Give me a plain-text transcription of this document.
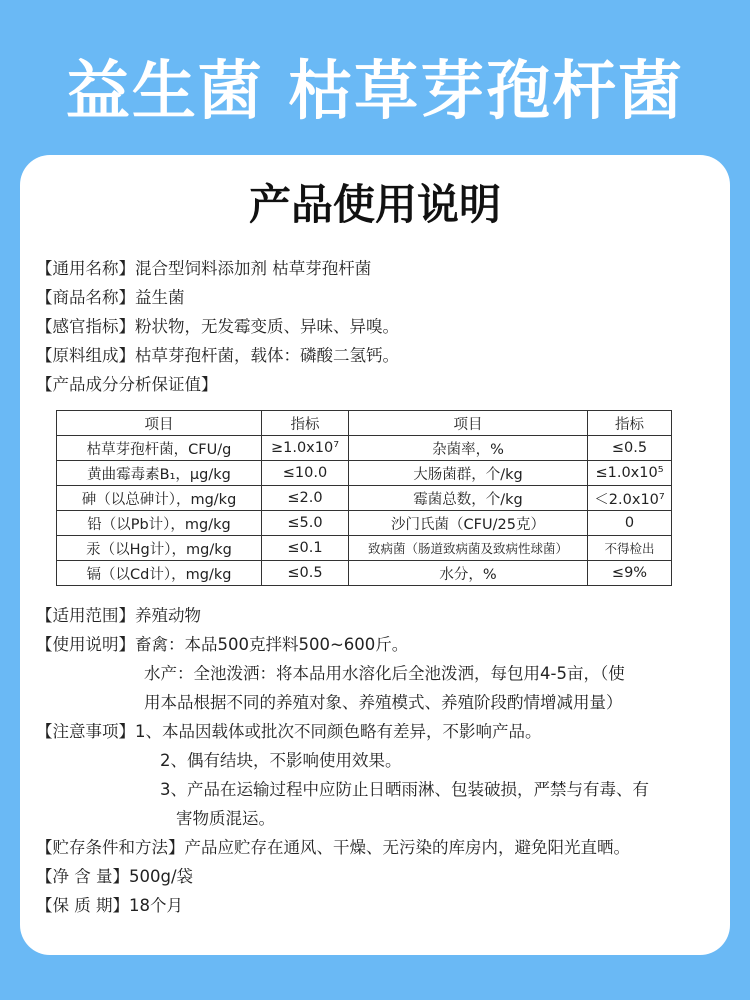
益生菌 枯草芽孢杆菌
产品使用说明
【通用名称】混合型饲料添加剂 枯草芽孢杆菌
【商品名称】益生菌
【感官指标】粉状物，无发霉变质、异味、异嗅。
【原料组成】枯草芽孢杆菌，载体：磷酸二氢钙。
【产品成分分析保证值】
项目	指标	项目	指标
枯草芽孢杆菌，CFU/g	≥1.0x10⁷	杂菌率，%	≤0.5
黄曲霉毒素B₁，μg/kg	≤10.0	大肠菌群，个/kg	≤1.0x10⁵
砷（以总砷计），mg/kg	≤2.0	霉菌总数，个/kg	＜2.0x10⁷
铅（以Pb计），mg/kg	≤5.0	沙门氏菌（CFU/25克）	0
汞（以Hg计），mg/kg	≤0.1	致病菌（肠道致病菌及致病性球菌）	不得检出
镉（以Cd计），mg/kg	≤0.5	水分，%	≤9%
【适用范围】养殖动物
【使用说明】畜禽：本品500克拌料500~600斤。
水产：全池泼洒：将本品用水溶化后全池泼洒，每包用4-5亩，（使
用本品根据不同的养殖对象、养殖模式、养殖阶段酌情增减用量）
【注意事项】1、本品因载体或批次不同颜色略有差异，不影响产品。
2、偶有结块，不影响使用效果。
3、产品在运输过程中应防止日晒雨淋、包装破损，严禁与有毒、有
害物质混运。
【贮存条件和方法】产品应贮存在通风、干燥、无污染的库房内，避免阳光直晒。
【净 含 量】500g/袋
【保 质 期】18个月
